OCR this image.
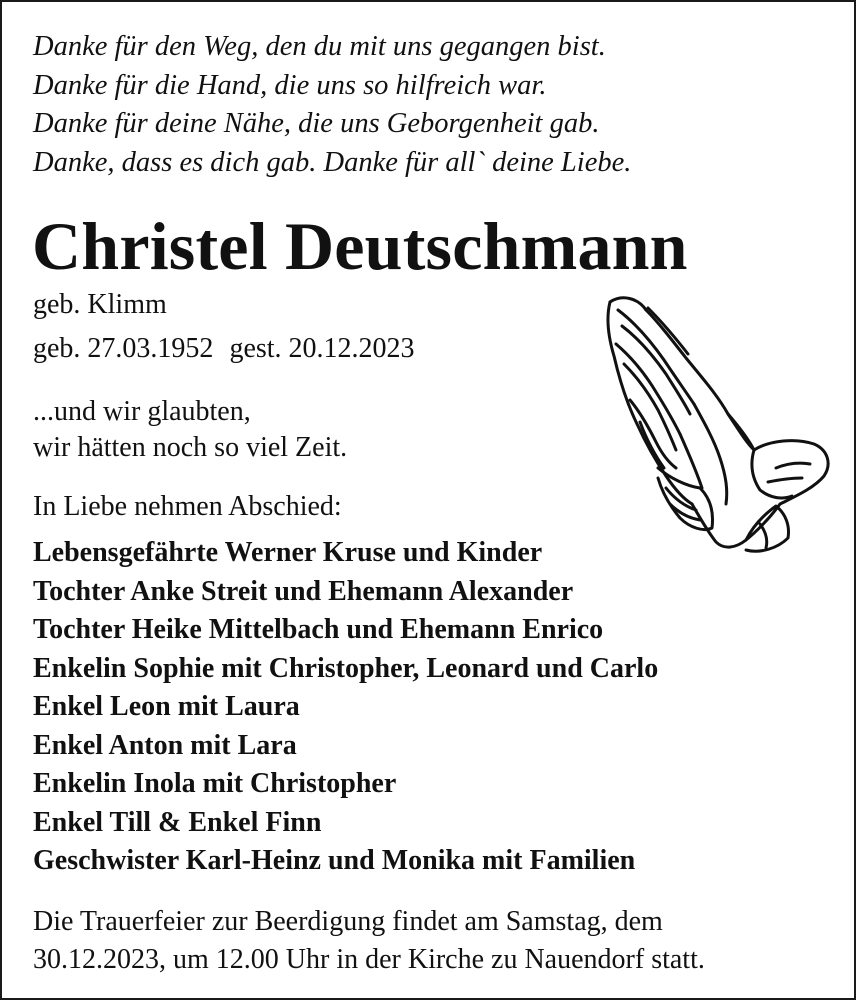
Danke für den Weg, den du mit uns gegangen bist.
Danke für die Hand, die uns so hilfreich war.
Danke für deine Nähe, die uns Geborgenheit gab.
Danke, dass es dich gab. Danke für all` deine Liebe.
Christel Deutschmann
geb. Klimm
geb. 27.03.1952 gest. 20.12.2023
...und wir glaubten,
wir hätten noch so viel Zeit.
In Liebe nehmen Abschied:
Lebensgefährte Werner Kruse und Kinder
Tochter Anke Streit und Ehemann Alexander
Tochter Heike Mittelbach und Ehemann Enrico
Enkelin Sophie mit Christopher, Leonard und Carlo
Enkel Leon mit Laura
Enkel Anton mit Lara
Enkelin Inola mit Christopher
Enkel Till & Enkel Finn
Geschwister Karl-Heinz und Monika mit Familien
Die Trauerfeier zur Beerdigung findet am Samstag, dem
30.12.2023, um 12.00 Uhr in der Kirche zu Nauendorf statt.
